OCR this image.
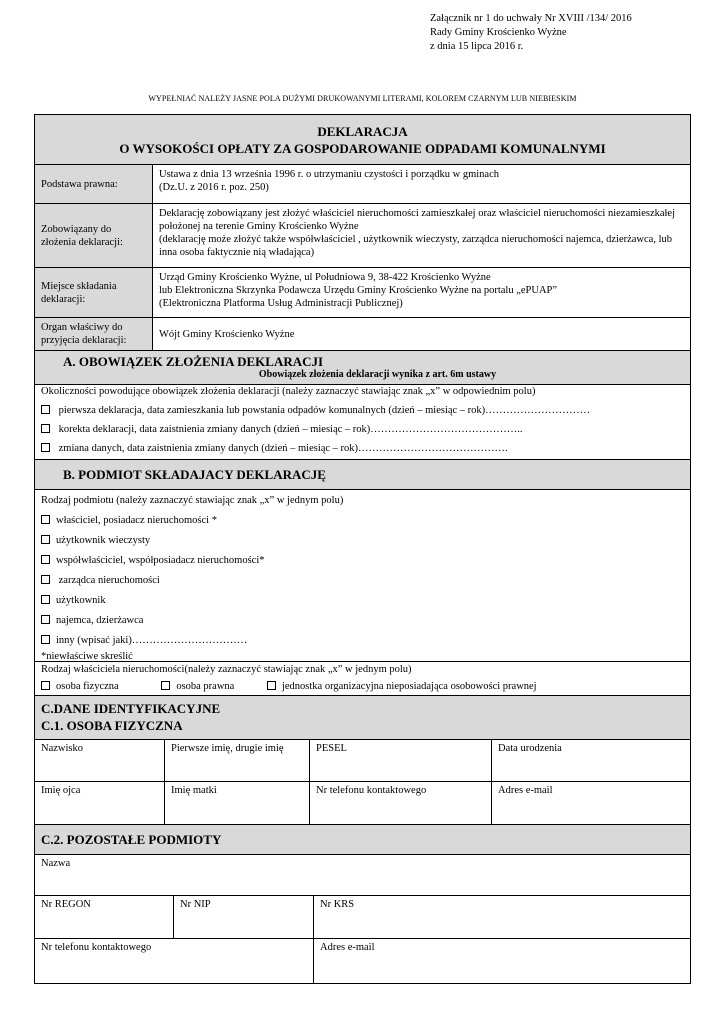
Załącznik nr 1 do uchwały Nr XVIII /134/ 2016
Rady Gminy Krościenko Wyżne
z dnia 15 lipca 2016 r.
WYPEŁNIAĆ NALEŻY JASNE POLA DUŻYMI DRUKOWANYMI LITERAMI, KOLOREM CZARNYM LUB NIEBIESKIM
DEKLARACJA
O WYSOKOŚCI OPŁATY ZA GOSPODAROWANIE ODPADAMI KOMUNALNYMI
Podstawa prawna:
Ustawa z dnia 13 września 1996 r. o utrzymaniu czystości i porządku w gminach
(Dz.U. z 2016 r. poz. 250)
Zobowiązany do złożenia deklaracji:
Deklarację zobowiązany jest złożyć właściciel nieruchomości zamieszkałej oraz właściciel nieruchomości niezamieszkałej położonej na terenie Gminy Krościenko Wyżne
(deklarację może złożyć także współwłaściciel , użytkownik wieczysty, zarządca nieruchomości najemca, dzierżawca, lub inna osoba faktycznie nią władająca)
Miejsce składania deklaracji:
Urząd Gminy Krościenko Wyżne, ul Południowa 9, 38-422 Krościenko Wyżne
lub Elektroniczna Skrzynka Podawcza Urzędu Gminy Krościenko Wyżne na portalu „ePUAP”
(Elektroniczna Platforma Usług Administracji Publicznej)
Organ właściwy do przyjęcia deklaracji:
Wójt Gminy Krościenko Wyżne
A. OBOWIĄZEK ZŁOŻENIA DEKLARACJI
Obowiązek złożenia deklaracji wynika z art. 6m ustawy
Okoliczności powodujące obowiązek złożenia deklaracji (należy zaznaczyć stawiając znak „x” w odpowiednim polu)
pierwsza deklaracja, data zamieszkania lub powstania odpadów komunalnych (dzień – miesiąc – rok)…………………………
korekta deklaracji, data zaistnienia zmiany danych (dzień – miesiąc – rok)……………………………………..
zmiana danych, data zaistnienia zmiany danych (dzień – miesiąc – rok)…………………………………….
B. PODMIOT SKŁADAJACY DEKLARACJĘ
Rodzaj podmiotu (należy zaznaczyć stawiając znak „x” w jednym polu)
właściciel, posiadacz nieruchomości *
użytkownik wieczysty
współwłaściciel, współposiadacz nieruchomości*
zarządca nieruchomości
użytkownik
najemca, dzierżawca
inny (wpisać jaki)……………………………
*niewłaściwe skreślić
Rodzaj właściciela nieruchomości(należy zaznaczyć stawiając znak „x” w jednym polu)
osoba fizyczna	osoba prawna	jednostka organizacyjna nieposiadająca osobowości prawnej
C.DANE IDENTYFIKACYJNE
C.1. OSOBA FIZYCZNA
Nazwisko	Pierwsze imię, drugie imię	PESEL	Data urodzenia
Imię ojca	Imię matki	Nr telefonu kontaktowego	Adres e-mail
C.2. POZOSTAŁE PODMIOTY
Nazwa
Nr REGON	Nr NIP	Nr KRS
Nr telefonu kontaktowego	Adres e-mail
